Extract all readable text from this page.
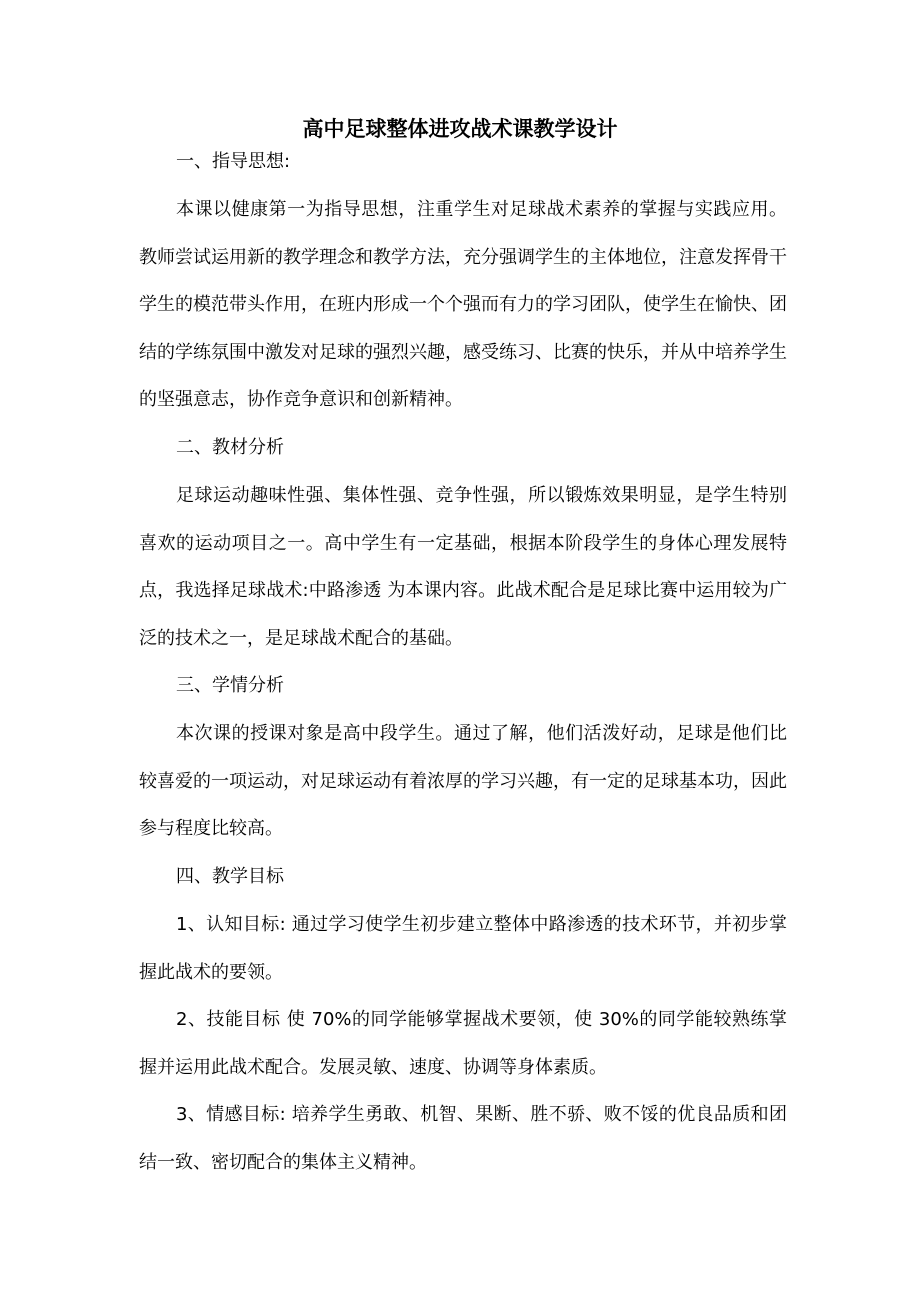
高中足球整体进攻战术课教学设计
一、指导思想:

本课以健康第一为指导思想，注重学生对足球战术素养的掌握与实践应用。教师尝试运用新的教学理念和教学方法，充分强调学生的主体地位，注意发挥骨干学生的模范带头作用，在班内形成一个个强而有力的学习团队，使学生在愉快、团结的学练氛围中激发对足球的强烈兴趣，感受练习、比赛的快乐，并从中培养学生的坚强意志，协作竞争意识和创新精神。

二、教材分析

足球运动趣味性强、集体性强、竞争性强，所以锻炼效果明显，是学生特别喜欢的运动项目之一。高中学生有一定基础，根据本阶段学生的身体心理发展特点，我选择足球战术:中路渗透 为本课内容。此战术配合是足球比赛中运用较为广泛的技术之一，是足球战术配合的基础。

三、学情分析

本次课的授课对象是高中段学生。通过了解，他们活泼好动，足球是他们比较喜爱的一项运动，对足球运动有着浓厚的学习兴趣，有一定的足球基本功，因此参与程度比较高。

四、教学目标

1、认知目标: 通过学习使学生初步建立整体中路渗透的技术环节，并初步掌握此战术的要领。

2、技能目标 使 70%的同学能够掌握战术要领，使 30%的同学能较熟练掌握并运用此战术配合。发展灵敏、速度、协调等身体素质。

3、情感目标: 培养学生勇敢、机智、果断、胜不骄、败不馁的优良品质和团结一致、密切配合的集体主义精神。
